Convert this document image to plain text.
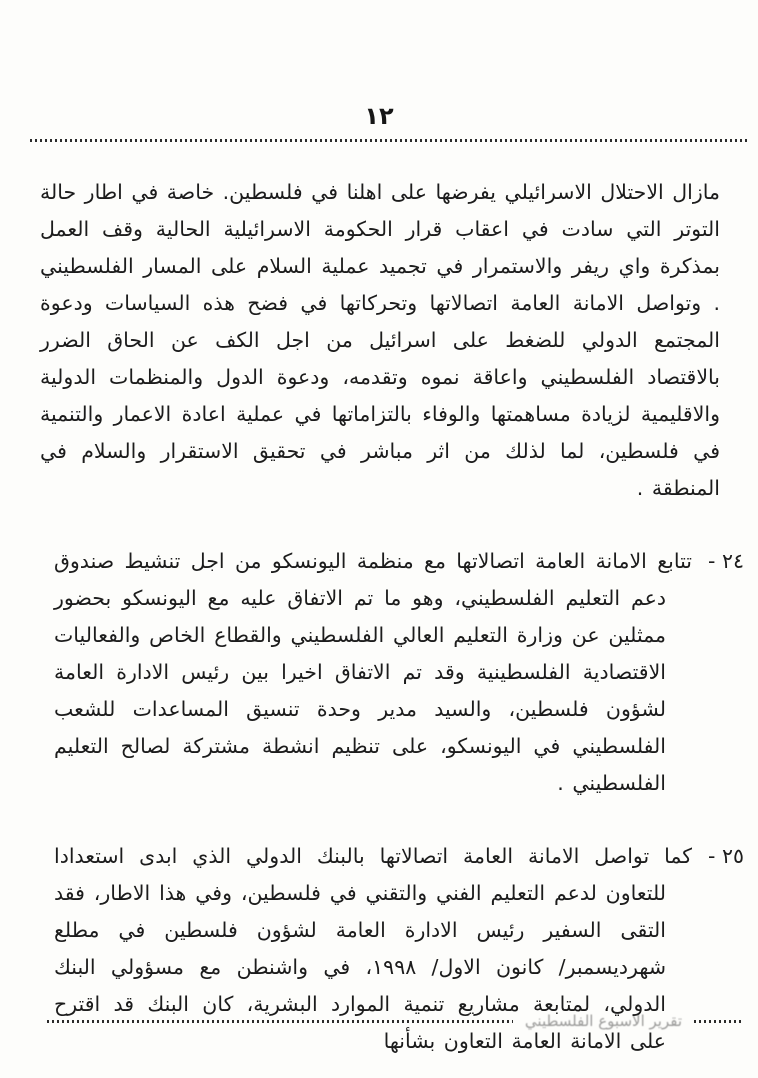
١٢

مازال الاحتلال الاسرائيلي يفرضها على اهلنا في فلسطين. خاصة في اطار حالة التوتر التي سادت في اعقاب قرار الحكومة الاسرائيلية الحالية وقف العمل بمذكرة واي ريفر والاستمرار في تجميد عملية السلام على المسار الفلسطيني . وتواصل الامانة العامة اتصالاتها وتحركاتها في فضح هذه السياسات ودعوة المجتمع الدولي للضغط على اسرائيل من اجل الكف عن الحاق الضرر بالاقتصاد الفلسطيني واعاقة نموه وتقدمه، ودعوة الدول والمنظمات الدولية والاقليمية لزيادة مساهمتها والوفاء بالتزاماتها في عملية اعادة الاعمار والتنمية في فلسطين، لما لذلك من اثر مباشر في تحقيق الاستقرار والسلام في المنطقة .

٢٤ -

تتابع الامانة العامة اتصالاتها مع منظمة اليونسكو من اجل تنشيط صندوق دعم التعليم الفلسطيني، وهو ما تم الاتفاق عليه مع اليونسكو بحضور ممثلين عن وزارة التعليم العالي الفلسطيني والقطاع الخاص والفعاليات الاقتصادية الفلسطينية وقد تم الاتفاق اخيرا بين رئيس الادارة العامة لشؤون فلسطين، والسيد مدير وحدة تنسيق المساعدات للشعب الفلسطيني في اليونسكو، على تنظيم انشطة مشتركة لصالح التعليم الفلسطيني .

٢٥ -

كما تواصل الامانة العامة اتصالاتها بالبنك الدولي الذي ابدى استعدادا للتعاون لدعم التعليم الفني والتقني في فلسطين، وفي هذا الاطار، فقد التقى السفير رئيس الادارة العامة لشؤون فلسطين في مطلع شهرديسمبر/ كانون الاول/ ١٩٩٨، في واشنطن مع مسؤولي البنك الدولي، لمتابعة مشاريع تنمية الموارد البشرية، كان البنك قد اقترح على الامانة العامة التعاون بشأنها

تقرير الاسبوع الفلسطيني
